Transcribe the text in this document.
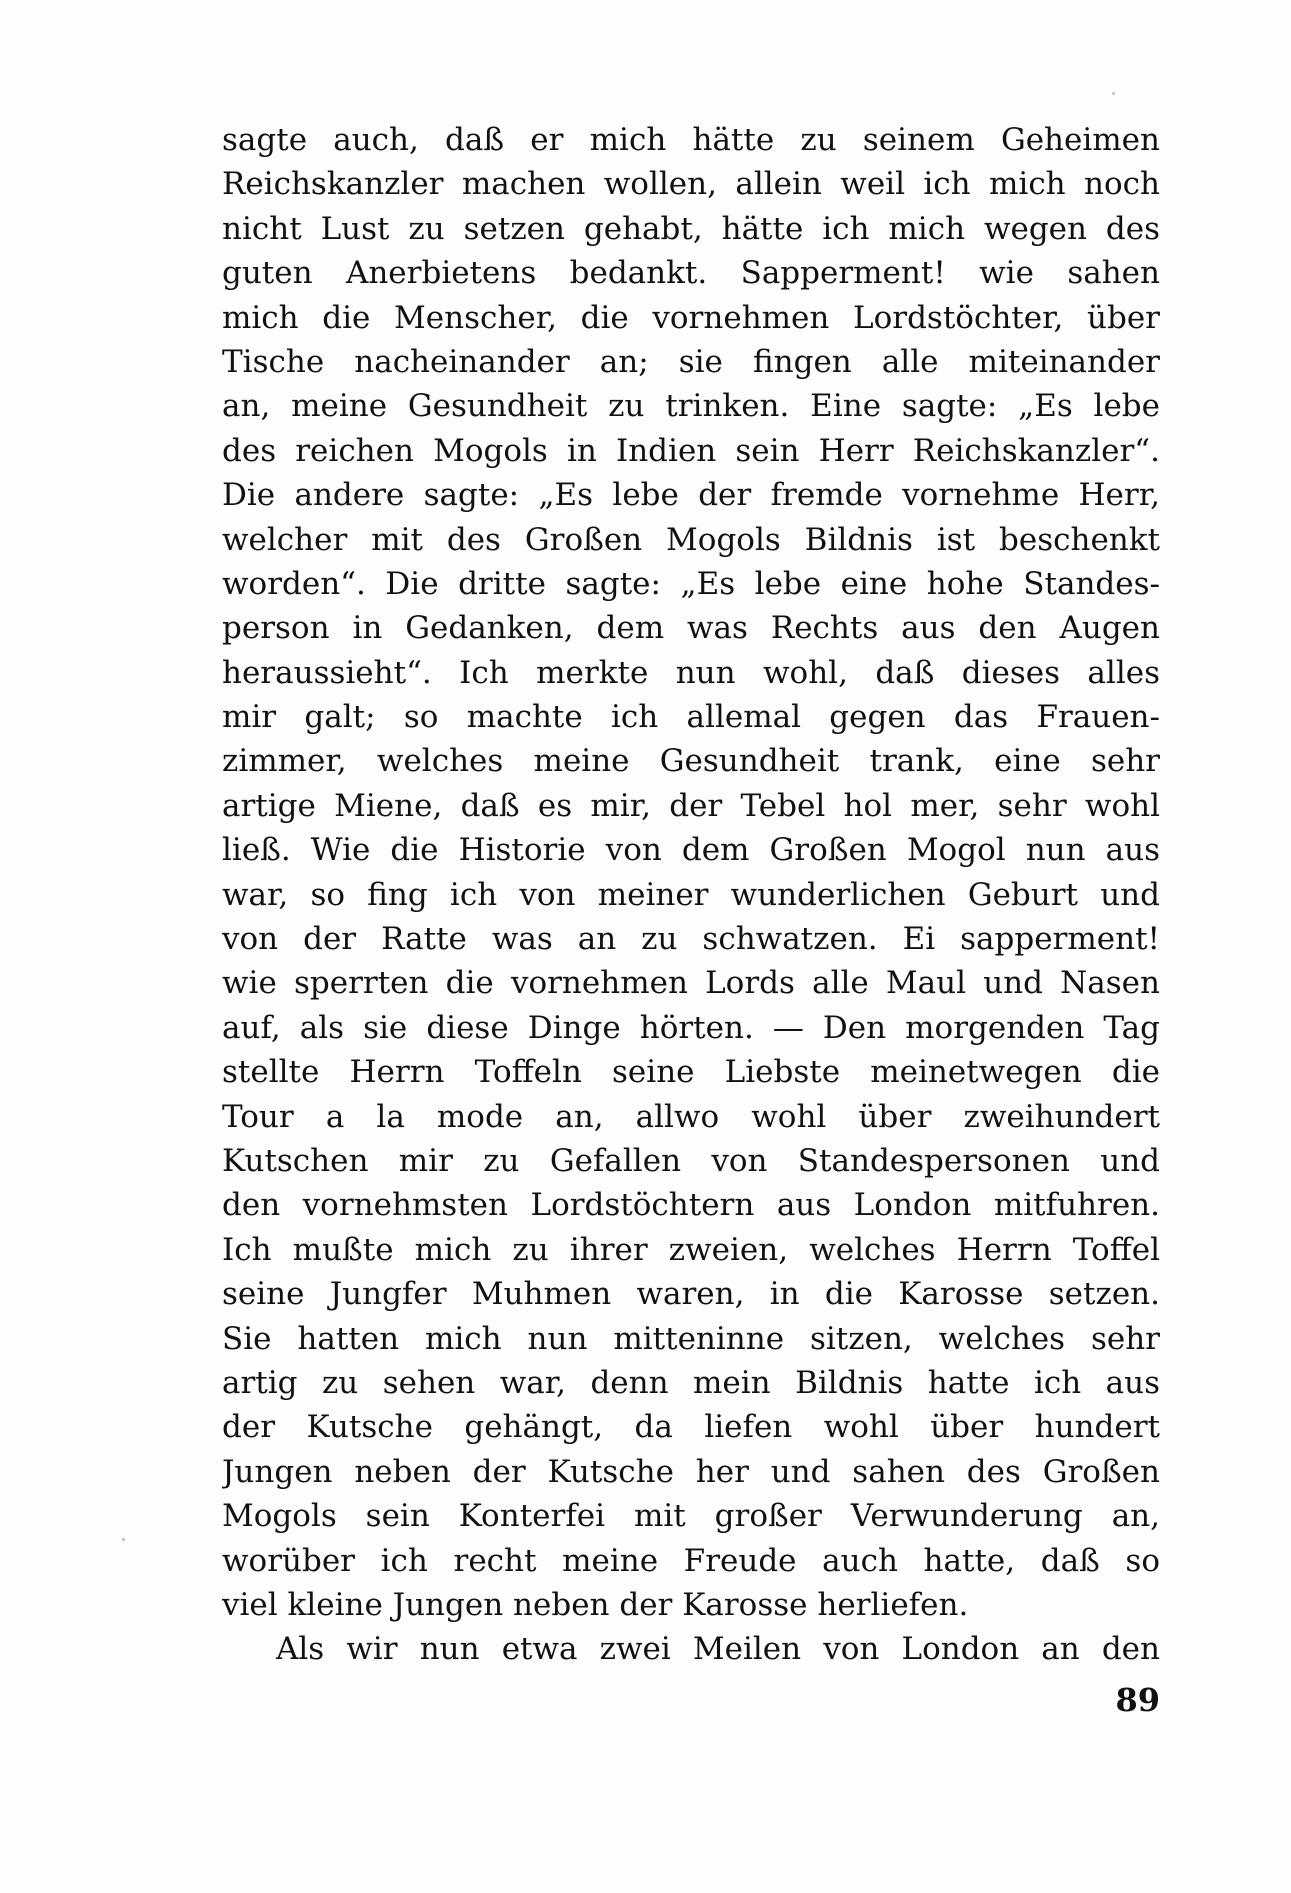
sagte auch, daß er mich hätte zu seinem Geheimen
Reichskanzler machen wollen, allein weil ich mich noch
nicht Lust zu setzen gehabt, hätte ich mich wegen des
guten Anerbietens bedankt. Sapperment! wie sahen
mich die Menscher, die vornehmen Lordstöchter, über
Tische nacheinander an; sie fingen alle miteinander
an, meine Gesundheit zu trinken. Eine sagte: „Es lebe
des reichen Mogols in Indien sein Herr Reichskanzler“.
Die andere sagte: „Es lebe der fremde vornehme Herr,
welcher mit des Großen Mogols Bildnis ist beschenkt
worden“. Die dritte sagte: „Es lebe eine hohe Standes-
person in Gedanken, dem was Rechts aus den Augen
heraussieht“. Ich merkte nun wohl, daß dieses alles
mir galt; so machte ich allemal gegen das Frauen-
zimmer, welches meine Gesundheit trank, eine sehr
artige Miene, daß es mir, der Tebel hol mer, sehr wohl
ließ. Wie die Historie von dem Großen Mogol nun aus
war, so fing ich von meiner wunderlichen Geburt und
von der Ratte was an zu schwatzen. Ei sapperment!
wie sperrten die vornehmen Lords alle Maul und Nasen
auf, als sie diese Dinge hörten. — Den morgenden Tag
stellte Herrn Toffeln seine Liebste meinetwegen die
Tour a la mode an, allwo wohl über zweihundert
Kutschen mir zu Gefallen von Standespersonen und
den vornehmsten Lordstöchtern aus London mitfuhren.
Ich mußte mich zu ihrer zweien, welches Herrn Toffel
seine Jungfer Muhmen waren, in die Karosse setzen.
Sie hatten mich nun mitteninne sitzen, welches sehr
artig zu sehen war, denn mein Bildnis hatte ich aus
der Kutsche gehängt, da liefen wohl über hundert
Jungen neben der Kutsche her und sahen des Großen
Mogols sein Konterfei mit großer Verwunderung an,
worüber ich recht meine Freude auch hatte, daß so
viel kleine Jungen neben der Karosse herliefen.
Als wir nun etwa zwei Meilen von London an den
89
